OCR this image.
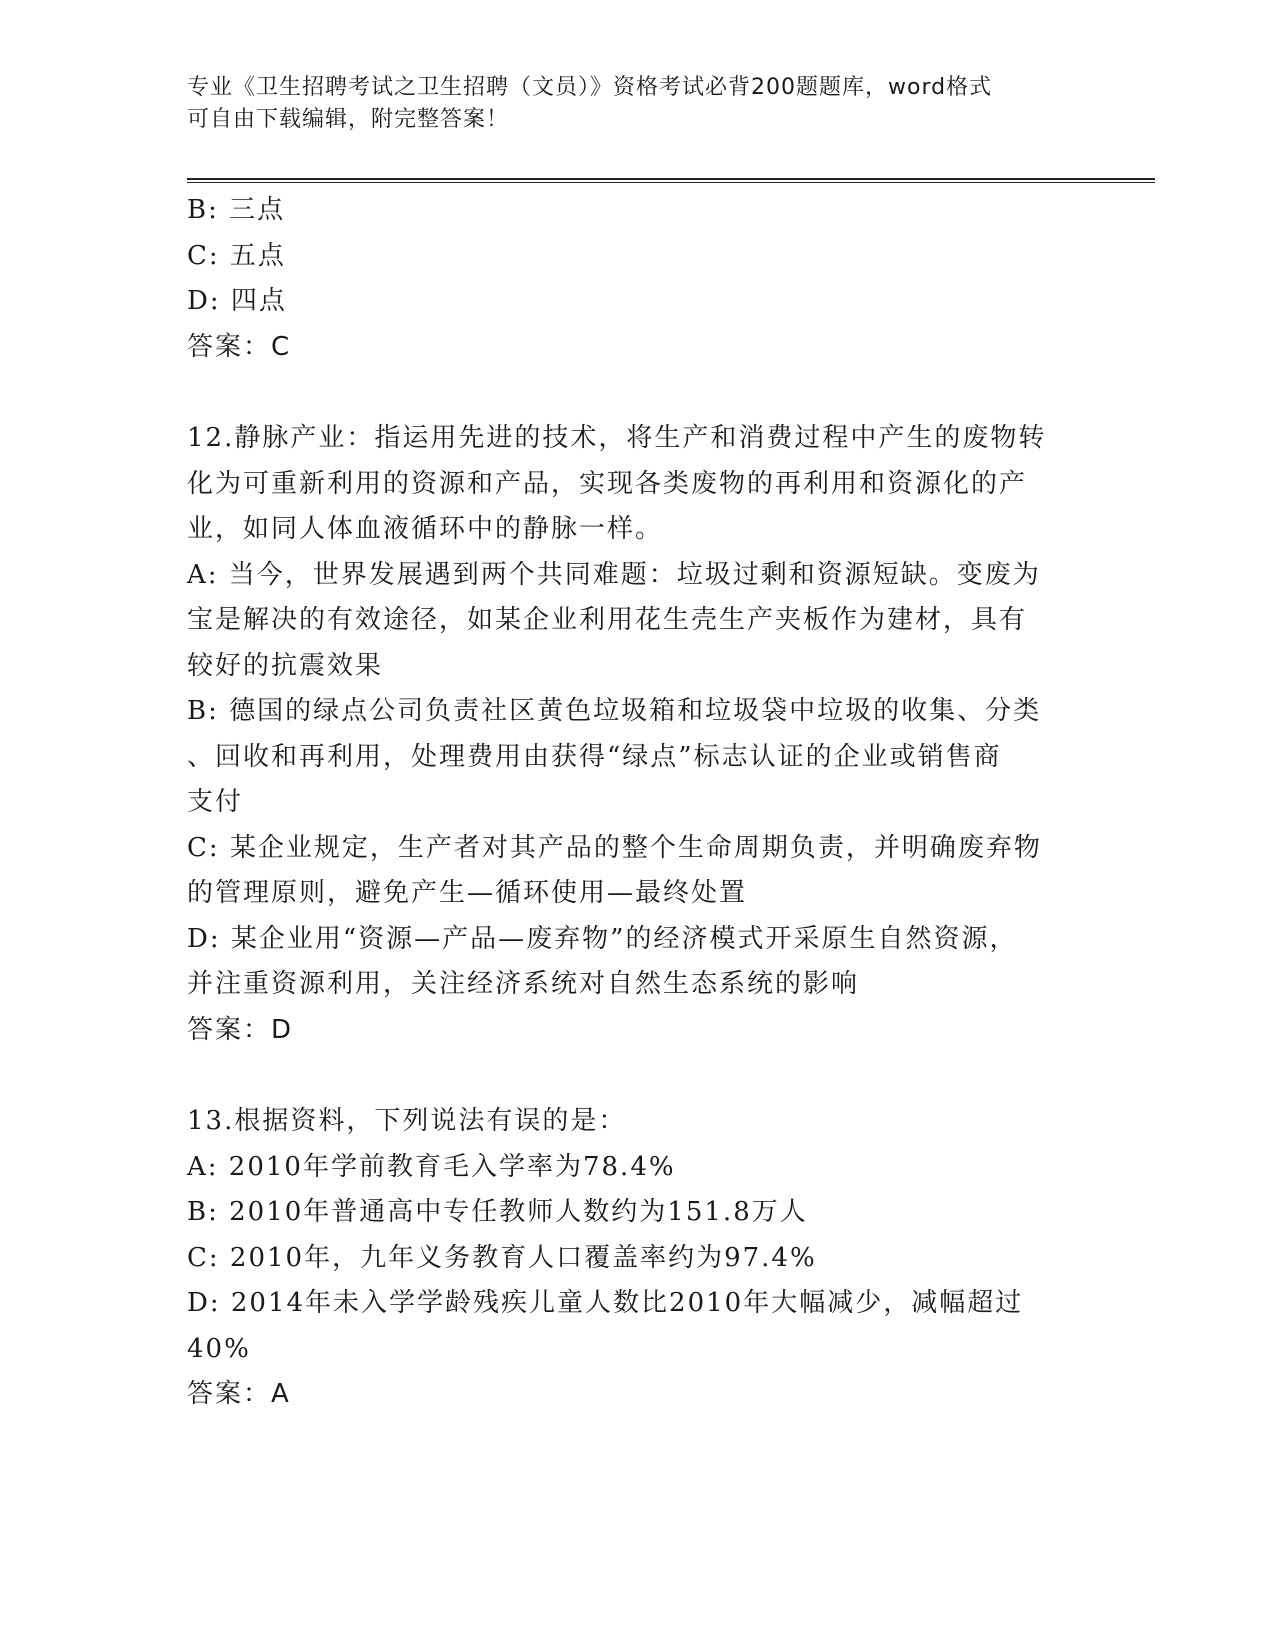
专业《卫生招聘考试之卫生招聘（文员）》资格考试必背200题题库，word格式
可自由下载编辑，附完整答案！
B: 三点
C: 五点
D: 四点
答案：C
12.静脉产业：指运用先进的技术，将生产和消费过程中产生的废物转
化为可重新利用的资源和产品，实现各类废物的再利用和资源化的产
业，如同人体血液循环中的静脉一样。
A: 当今，世界发展遇到两个共同难题：垃圾过剩和资源短缺。变废为
宝是解决的有效途径，如某企业利用花生壳生产夹板作为建材，具有
较好的抗震效果
B: 德国的绿点公司负责社区黄色垃圾箱和垃圾袋中垃圾的收集、分类
、回收和再利用，处理费用由获得“绿点”标志认证的企业或销售商
支付
C: 某企业规定，生产者对其产品的整个生命周期负责，并明确废弃物
的管理原则，避免产生—循环使用—最终处置
D: 某企业用“资源—产品—废弃物”的经济模式开采原生自然资源，
并注重资源利用，关注经济系统对自然生态系统的影响
答案：D
13.根据资料，下列说法有误的是：
A: 2010年学前教育毛入学率为78.4%
B: 2010年普通高中专任教师人数约为151.8万人
C: 2010年，九年义务教育人口覆盖率约为97.4%
D: 2014年未入学学龄残疾儿童人数比2010年大幅减少，减幅超过
40%
答案：A
